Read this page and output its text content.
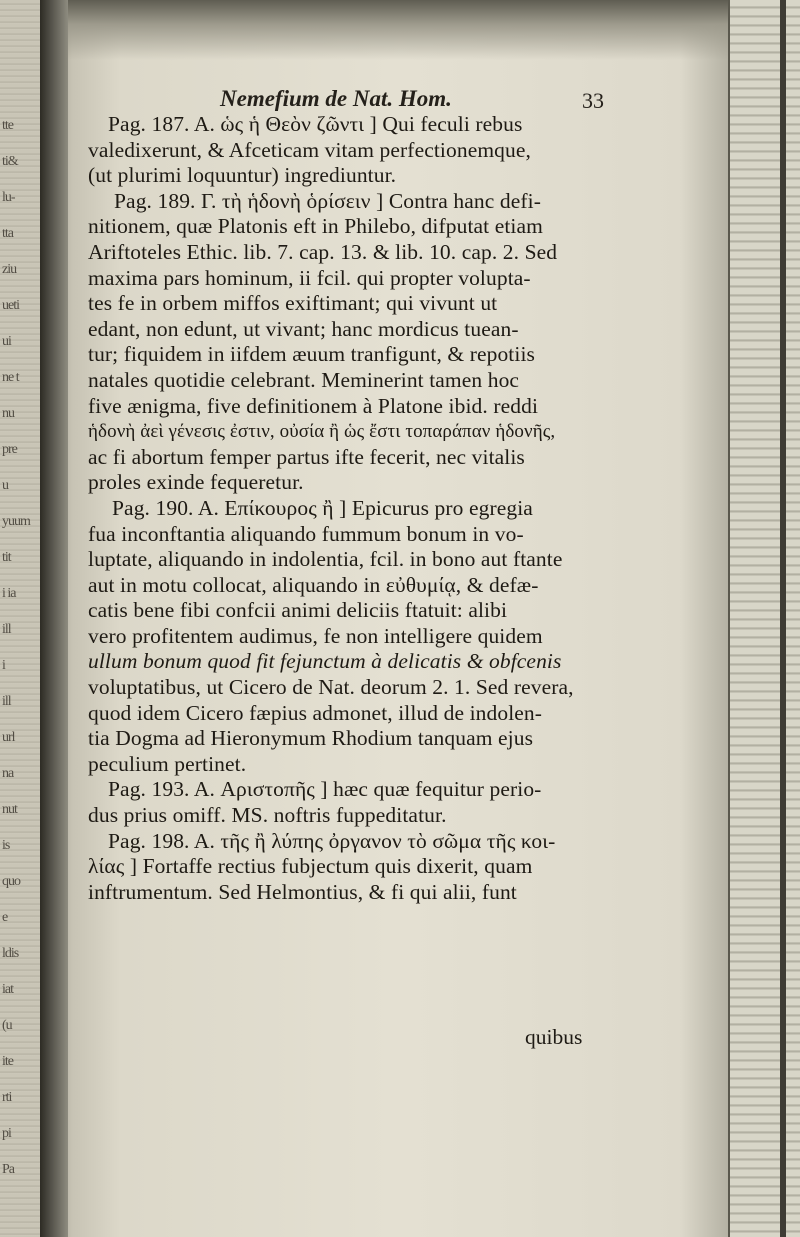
tte
ti&
lu-
tta
ziu
ueti
ui
ne t
nu
pre
u
yuum
tit
i ia
ill
i
ill
url
na
nut
is
quo
e
ldis
iat
(u
ite
rti
pi
Pa
Nemefium de Nat. Hom.	33
Pag. 187. A. ὡς ἡ Θεὸν ζῶντι ] Qui feculi rebus
valedixerunt, & Afceticam vitam perfectionemque,
(ut plurimi loquuntur) ingrediuntur.
Pag. 189. Γ. τὴ ἡδονὴ ὁρίσειν ] Contra hanc defi-
nitionem, quæ Platonis eft in Philebo, difputat etiam
Ariftoteles Ethic. lib. 7. cap. 13. & lib. 10. cap. 2. Sed
maxima pars hominum, ii fcil. qui propter volupta-
tes fe in orbem miffos exiftimant; qui vivunt ut
edant, non edunt, ut vivant; hanc mordicus tuean-
tur; fiquidem in iifdem æuum tranfigunt, & repotiis
natales quotidie celebrant. Meminerint tamen hoc
five ænigma, five definitionem à Platone ibid. reddi
ἡδονὴ ἀεὶ γένεσις ἐστιν, οὐσία ἢ ὡς ἔστι τοπαράπαν ἡδονῆς,
ac fi abortum femper partus ifte fecerit, nec vitalis
proles exinde fequeretur.
Pag. 190. A. Επίκουρος ἢ ] Epicurus pro egregia
fua inconftantia aliquando fummum bonum in vo-
luptate, aliquando in indolentia, fcil. in bono aut ftante
aut in motu collocat, aliquando in εὐθυμίᾳ, & defæ-
catis bene fibi confcii animi deliciis ftatuit: alibi
vero profitentem audimus, fe non intelligere quidem
ullum bonum quod fit fejunctum à delicatis & obfcenis
voluptatibus, ut Cicero de Nat. deorum 2. 1. Sed revera,
quod idem Cicero fæpius admonet, illud de indolen-
tia Dogma ad Hieronymum Rhodium tanquam ejus
peculium pertinet.
Pag. 193. A. Αριστοπῆς ] hæc quæ fequitur perio-
dus prius omiff. MS. noftris fuppeditatur.
Pag. 198. A. τῆς ἢ λύπης ὀργανον τὸ σῶμα τῆς κοι-
λίας ] Fortaffe rectius fubjectum quis dixerit, quam
inftrumentum. Sed Helmontius, & fi qui alii, funt
quibus
